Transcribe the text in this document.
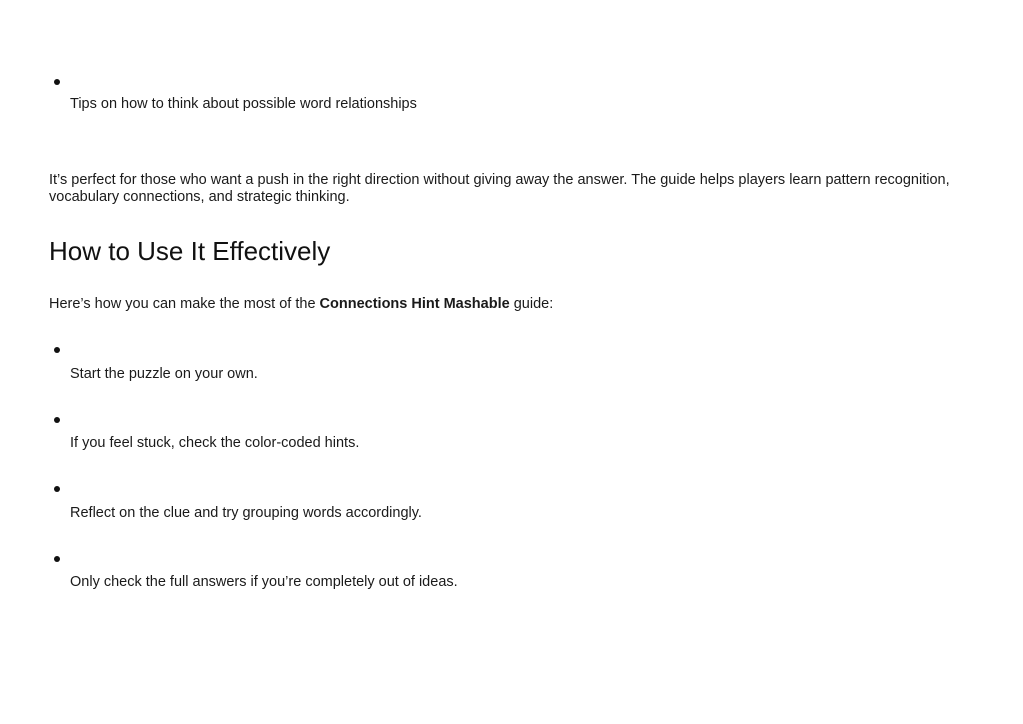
Tips on how to think about possible word relationships

It’s perfect for those who want a push in the right direction without giving away the answer. The guide helps players learn pattern recognition, vocabulary connections, and strategic thinking.

How to Use It Effectively

Here’s how you can make the most of the Connections Hint Mashable guide:

Start the puzzle on your own.
If you feel stuck, check the color-coded hints.
Reflect on the clue and try grouping words accordingly.
Only check the full answers if you’re completely out of ideas.
